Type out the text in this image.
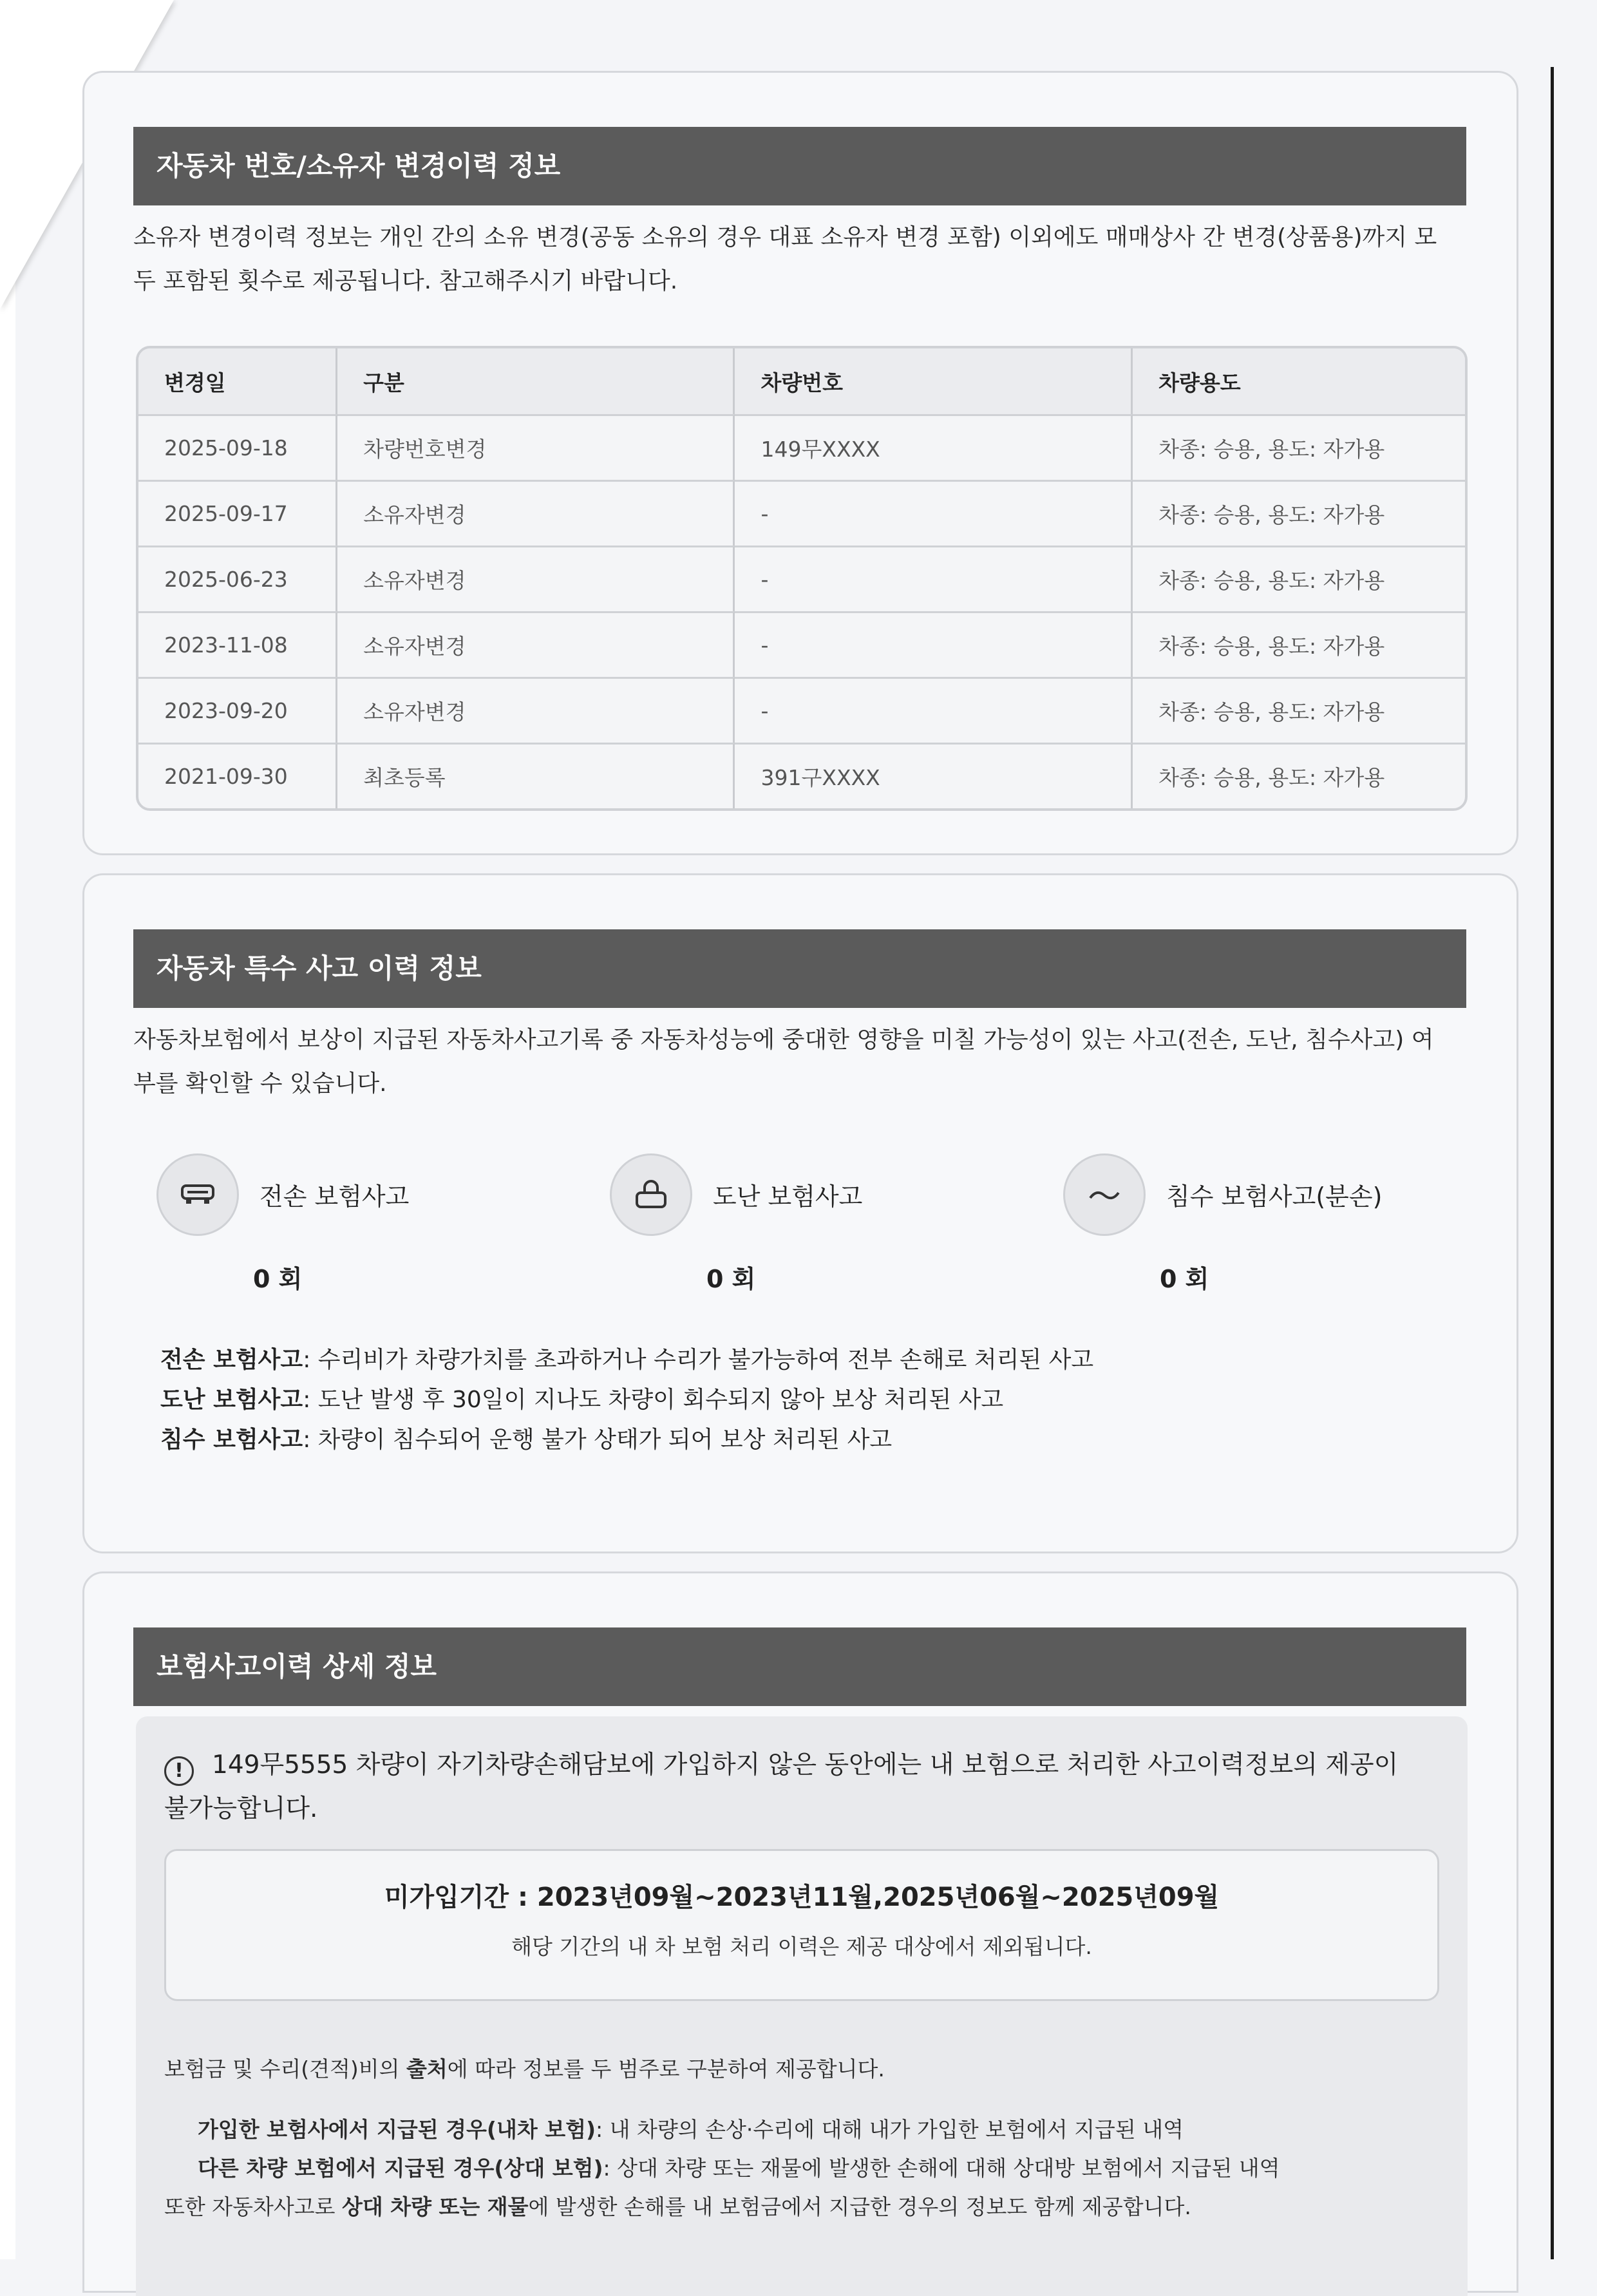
자동차 번호/소유자 변경이력 정보
소유자 변경이력 정보는 개인 간의 소유 변경(공동 소유의 경우 대표 소유자 변경 포함) 이외에도 매매상사 간 변경(상품용)까지 모
두 포함된 횟수로 제공됩니다. 참고해주시기 바랍니다.
변경일	구분	차량번호	차량용도
2025-09-18	차량번호변경	149무XXXX	차종: 승용, 용도: 자가용
2025-09-17	소유자변경	-	차종: 승용, 용도: 자가용
2025-06-23	소유자변경	-	차종: 승용, 용도: 자가용
2023-11-08	소유자변경	-	차종: 승용, 용도: 자가용
2023-09-20	소유자변경	-	차종: 승용, 용도: 자가용
2021-09-30	최초등록	391구XXXX	차종: 승용, 용도: 자가용
자동차 특수 사고 이력 정보
자동차보험에서 보상이 지급된 자동차사고기록 중 자동차성능에 중대한 영향을 미칠 가능성이 있는 사고(전손, 도난, 침수사고) 여
부를 확인할 수 있습니다.
전손 보험사고
0 회
도난 보험사고
0 회
침수 보험사고(분손)
0 회
전손 보험사고: 수리비가 차량가치를 초과하거나 수리가 불가능하여 전부 손해로 처리된 사고
도난 보험사고: 도난 발생 후 30일이 지나도 차량이 회수되지 않아 보상 처리된 사고
침수 보험사고: 차량이 침수되어 운행 불가 상태가 되어 보상 처리된 사고
보험사고이력 상세 정보
! 149무5555 차량이 자기차량손해담보에 가입하지 않은 동안에는 내 보험으로 처리한 사고이력정보의 제공이
불가능합니다.
미가입기간 : 2023년09월~2023년11월,2025년06월~2025년09월
해당 기간의 내 차 보험 처리 이력은 제공 대상에서 제외됩니다.
보험금 및 수리(견적)비의 출처에 따라 정보를 두 범주로 구분하여 제공합니다.
가입한 보험사에서 지급된 경우(내차 보험): 내 차량의 손상·수리에 대해 내가 가입한 보험에서 지급된 내역
다른 차량 보험에서 지급된 경우(상대 보험): 상대 차량 또는 재물에 발생한 손해에 대해 상대방 보험에서 지급된 내역
또한 자동차사고로 상대 차량 또는 재물에 발생한 손해를 내 보험금에서 지급한 경우의 정보도 함께 제공합니다.
